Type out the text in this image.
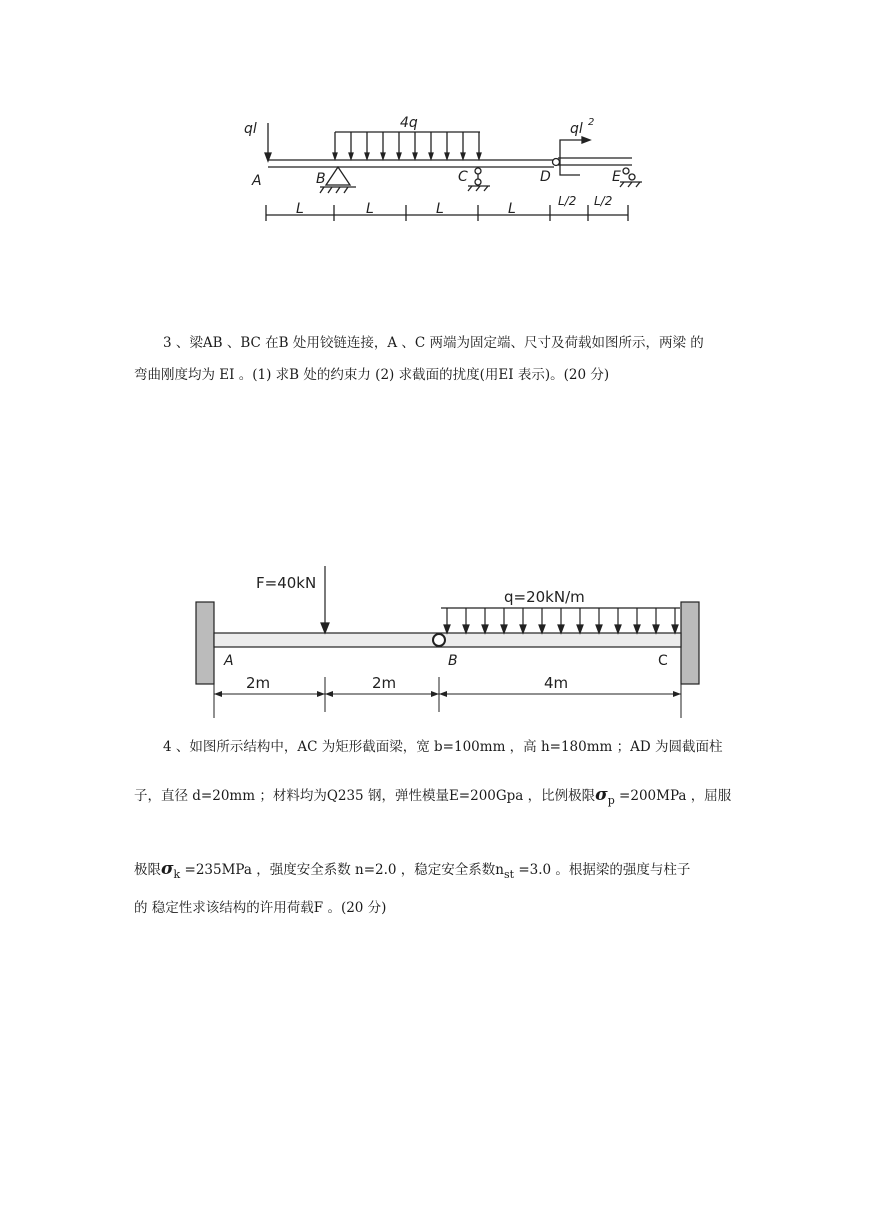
ql	4q	ql 2
A	B	C	D	E
L	L	L	L	L/2 L/2
3 、梁AB 、BC 在B 处用铰链连接，A 、C 两端为固定端、尺寸及荷载如图所示，两梁 的
弯曲刚度均为 EI 。(1) 求B 处的约束力 (2) 求截面的扰度(用EI 表示)。(20 分)
F=40kN
q=20kN/m
A	B	C
2m	2m	4m
4 、如图所示结构中，AC 为矩形截面梁，宽 b=100mm ，高 h=180mm ；AD 为圆截面柱
子，直径 d=20mm ；材料均为Q235 钢，弹性模量E=200Gpa ，比例极限$\sigma_p =200MPa$ ，屈服
极限$\sigma_k =235MPa$ ，强度安全系数 n=2.0 ，稳定安全系数$n_{st} =3.0$ 。根据梁的强度与柱子
的 稳定性求该结构的许用荷载F 。(20 分)
